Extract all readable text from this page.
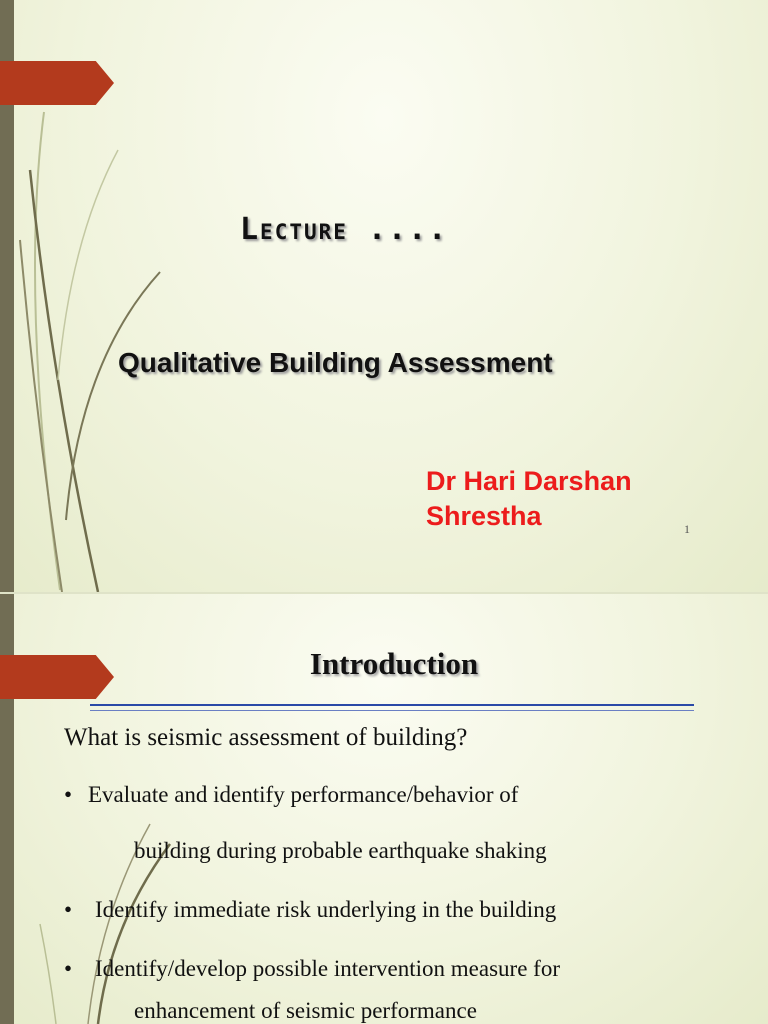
Lecture ....
Qualitative Building Assessment
Dr Hari Darshan
Shrestha	1
Introduction
What is seismic assessment of building?
• Evaluate and identify performance/behavior of
building during probable earthquake shaking
• Identify immediate risk underlying in the building
• Identify/develop possible intervention measure for
enhancement of seismic performance
